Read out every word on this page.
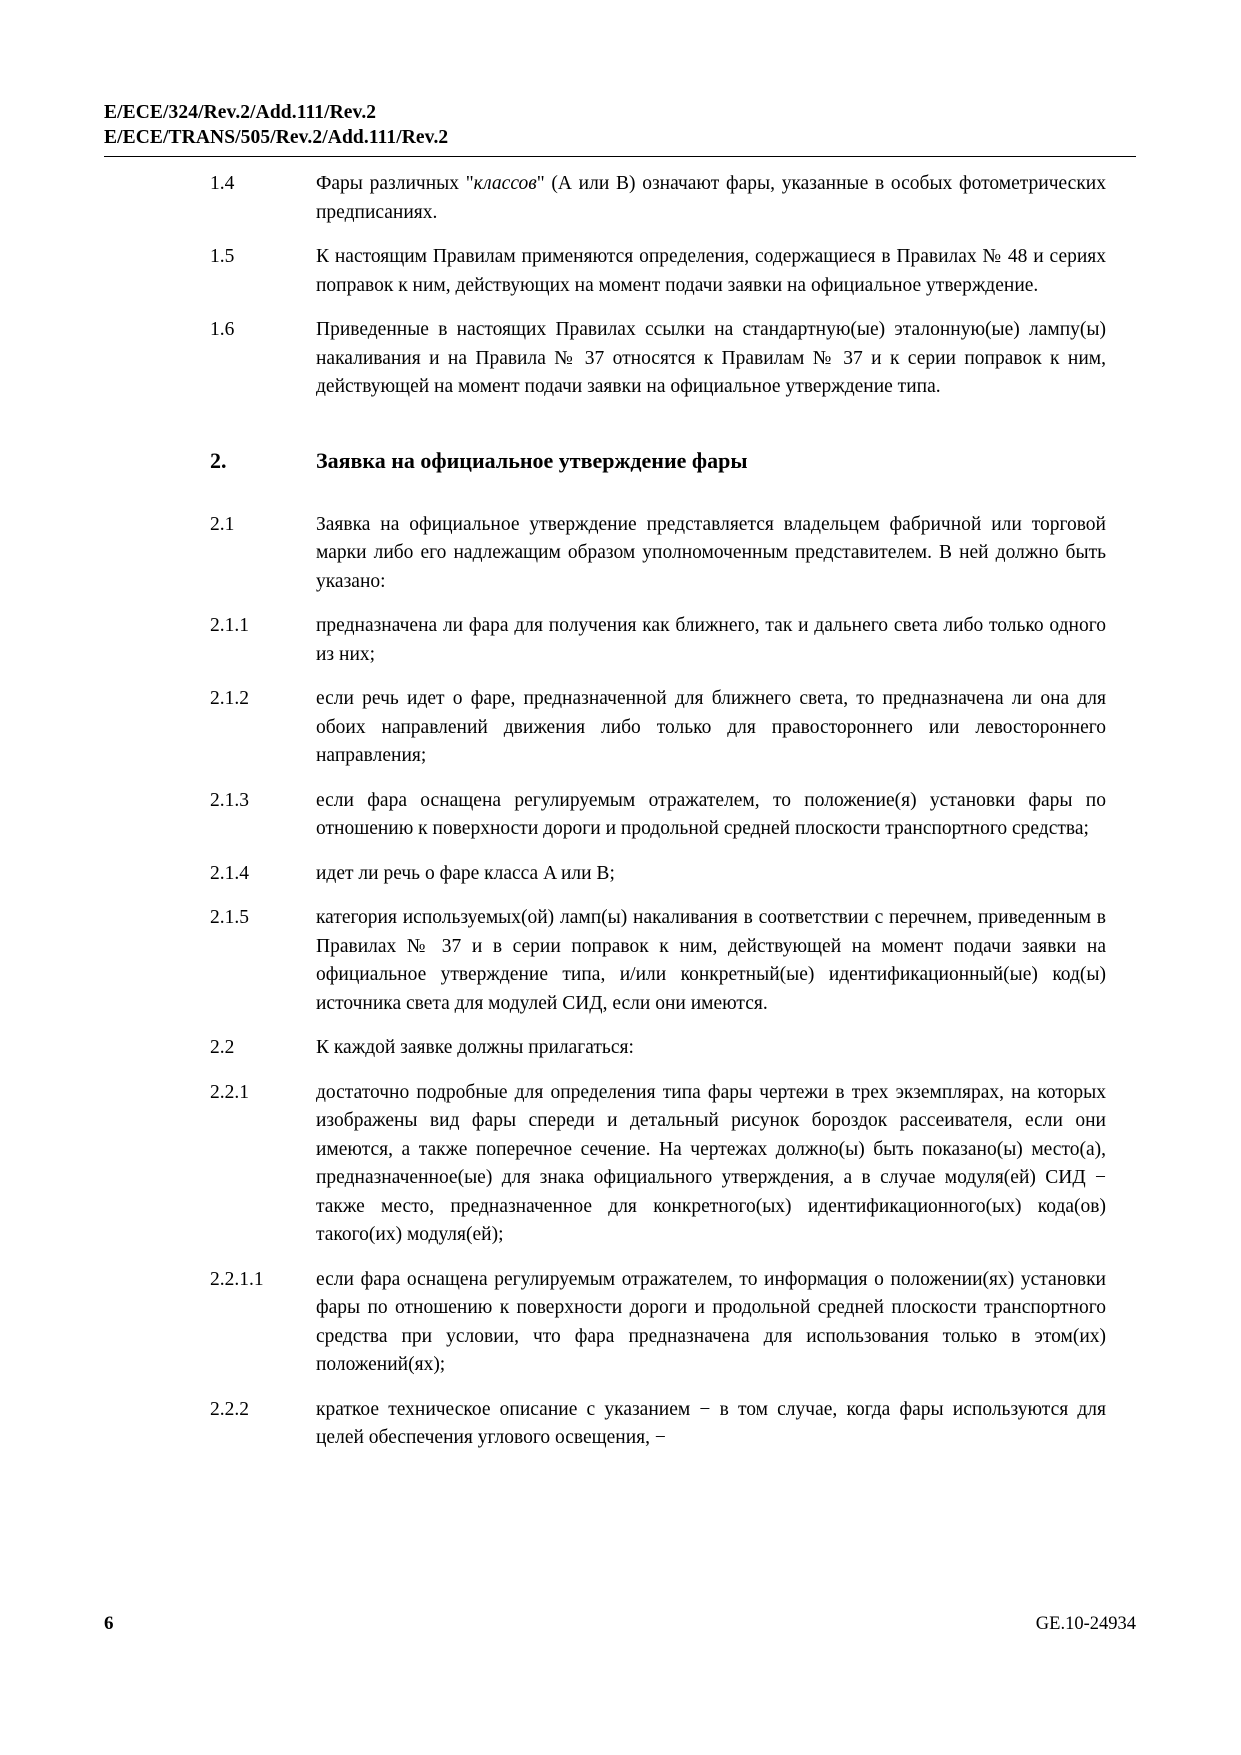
E/ECE/324/Rev.2/Add.111/Rev.2
E/ECE/TRANS/505/Rev.2/Add.111/Rev.2
1.4	Фары различных "классов" (А или B) означают фары, указанные в особых фотометрических предписаниях.
1.5	К настоящим Правилам применяются определения, содержащиеся в Правилах № 48 и сериях поправок к ним, действующих на момент подачи заявки на официальное утверждение.
1.6	Приведенные в настоящих Правилах ссылки на стандартную(ые) эталонную(ые) лампу(ы) накаливания и на Правила № 37 относятся к Правилам № 37 и к серии поправок к ним, действующей на момент подачи заявки на официальное утверждение типа.
2.	Заявка на официальное утверждение фары
2.1	Заявка на официальное утверждение представляется владельцем фабричной или торговой марки либо его надлежащим образом уполномоченным представителем. В ней должно быть указано:
2.1.1	предназначена ли фара для получения как ближнего, так и дальнего света либо только одного из них;
2.1.2	если речь идет о фаре, предназначенной для ближнего света, то предназначена ли она для обоих направлений движения либо только для правостороннего или левостороннего направления;
2.1.3	если фара оснащена регулируемым отражателем, то положение(я) установки фары по отношению к поверхности дороги и продольной средней плоскости транспортного средства;
2.1.4	идет ли речь о фаре класса A или B;
2.1.5	категория используемых(ой) ламп(ы) накаливания в соответствии с перечнем, приведенным в Правилах № 37 и в серии поправок к ним, действующей на момент подачи заявки на официальное утверждение типа, и/или конкретный(ые) идентификационный(ые) код(ы) источника света для модулей СИД, если они имеются.
2.2	К каждой заявке должны прилагаться:
2.2.1	достаточно подробные для определения типа фары чертежи в трех экземплярах, на которых изображены вид фары спереди и детальный рисунок бороздок рассеивателя, если они имеются, а также поперечное сечение. На чертежах должно(ы) быть показано(ы) место(а), предназначенное(ые) для знака официального утверждения, а в случае модуля(ей) СИД − также место, предназначенное для конкретного(ых) идентификационного(ых) кода(ов) такого(их) модуля(ей);
2.2.1.1	если фара оснащена регулируемым отражателем, то информация о положении(ях) установки фары по отношению к поверхности дороги и продольной средней плоскости транспортного средства при условии, что фара предназначена для использования только в этом(их) положений(ях);
2.2.2	краткое техническое описание с указанием − в том случае, когда фары используются для целей обеспечения углового освещения, −
6	GE.10-24934
